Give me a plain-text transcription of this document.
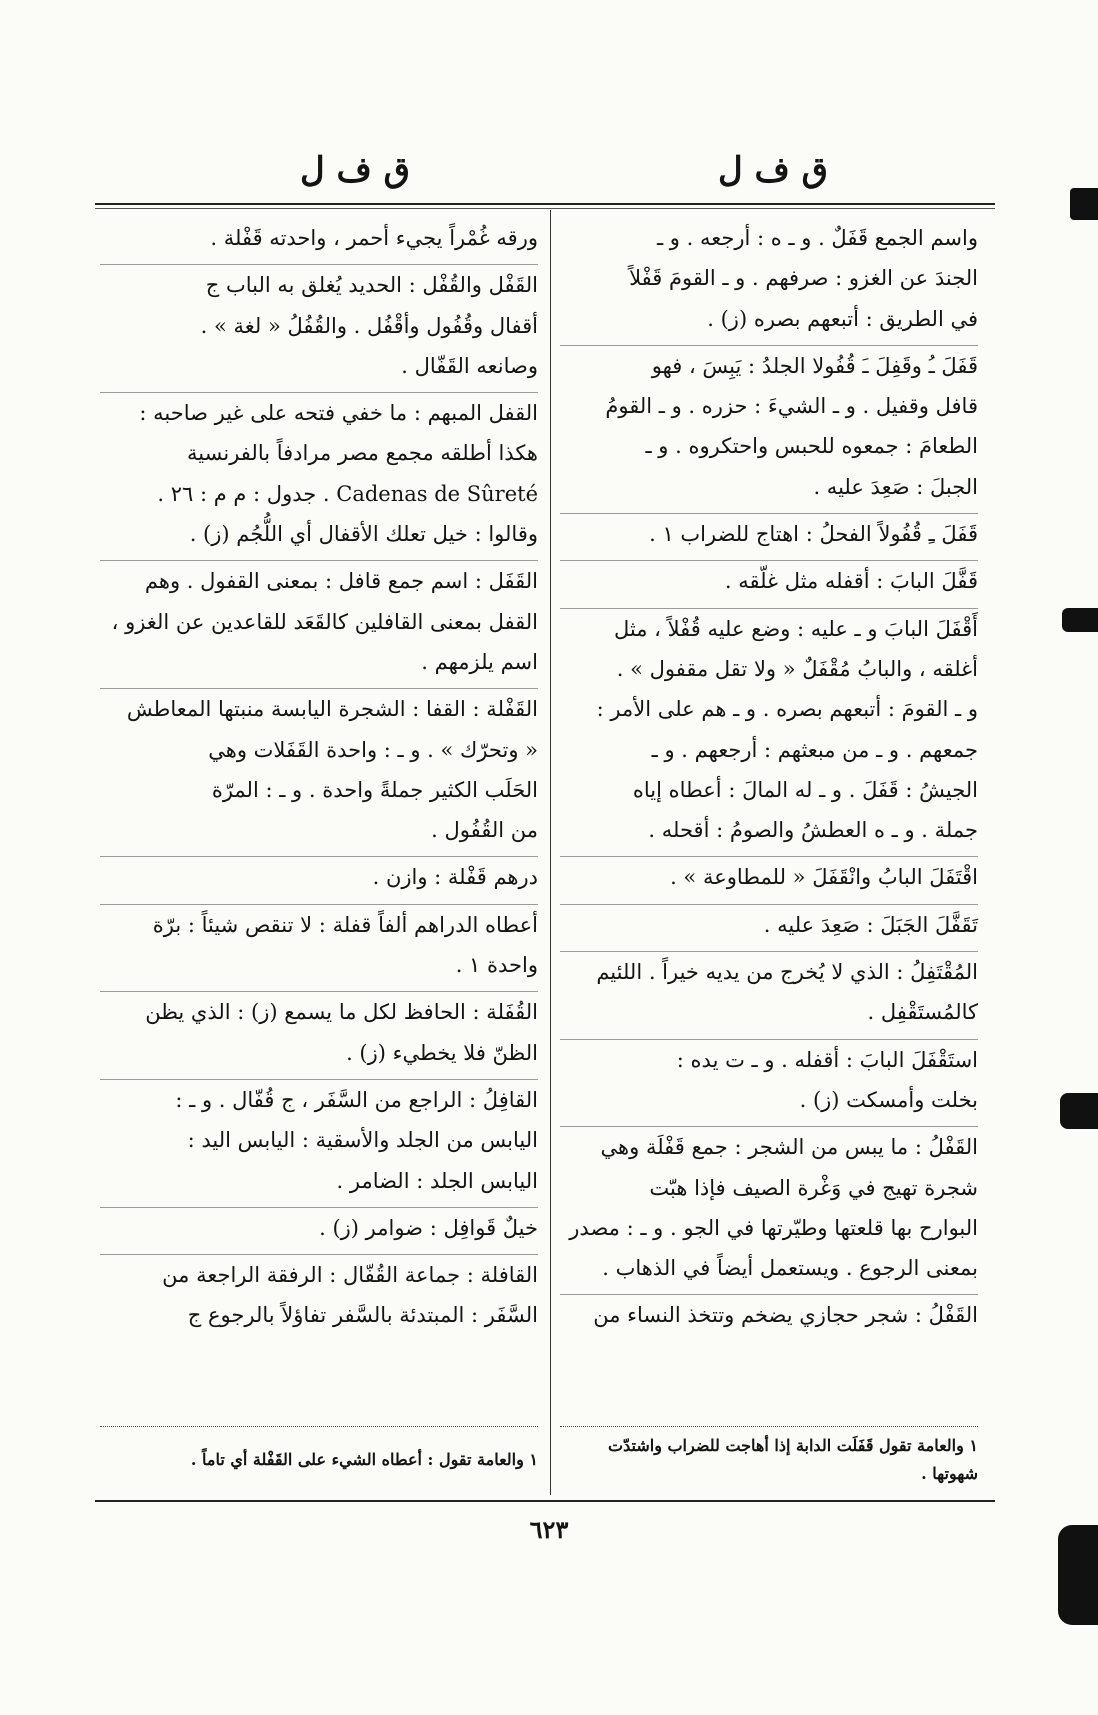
ق ف ل
ق ف ل

واسم الجمع قَفَلٌ . و ـ ه : أرجعه . و ـ

الجندَ عن الغزو : صرفهم . و ـ القومَ قَفْلاً

في الطريق : أتبعهم بصره (ز) .

قَفَلَ ـُ وقَفِلَ ـَ قُفُولا الجلدُ : يَبِسَ ، فهو

قافل وقفيل . و ـ الشيءَ : حزره . و ـ القومُ

الطعامَ : جمعوه للحبس واحتكروه . و ـ

الجبلَ : صَعِدَ عليه .

قَفَلَ ـِ قُفُولاً الفحلُ : اهتاج للضراب ١ .

قَفَّلَ البابَ : أقفله مثل غلّقه .

أَقْفَلَ البابَ و ـ عليه : وضع عليه قُفْلاً ، مثل

أغلقه ، والبابُ مُقْفَلٌ « ولا تقل مقفول » .

و ـ القومَ : أتبعهم بصره . و ـ هم على الأمر :

جمعهم . و ـ من مبعثهم : أرجعهم . و ـ

الجيشُ : قَفَلَ . و ـ له المالَ : أعطاه إياه

جملة . و ـ ه العطشُ والصومُ : أقحله .

اقْتَفَلَ البابُ وانْقَفَلَ « للمطاوعة » .

تَقَفَّلَ الجَبَلَ : صَعِدَ عليه .

المُقْتَفِلُ : الذي لا يُخرج من يديه خيراً . اللئيم

كالمُستَقْفِل .

استَقْفَلَ البابَ : أقفله . و ـ ت يده :

بخلت وأمسكت (ز) .

القَفْلُ : ما يبس من الشجر : جمع قَفْلَة وهي

شجرة تهيج في وَغْرة الصيف فإذا هبّت

البوارح بها قلعتها وطيّرتها في الجو . و ـ : مصدر

بمعنى الرجوع . ويستعمل أيضاً في الذهاب .

القَفْلُ : شجر حجازي يضخم وتتخذ النساء من

ورقه غُمْراً يجيء أحمر ، واحدته قَفْلة .

القَفْل والقُفْل : الحديد يُغلق به الباب ج

أقفال وقُفُول وأقْفُل . والقُفُلُ « لغة » .

وصانعه القَفّال .

القفل المبهم : ما خفي فتحه على غير صاحبه :

هكذا أطلقه مجمع مصر مرادفاً بالفرنسية

Cadenas de Sûreté . جدول : م م : ٢٦ .

وقالوا : خيل تعلك الأقفال أي اللُّجُم (ز) .

القَفَل : اسم جمع قافل : بمعنى القفول . وهم

القفل بمعنى القافلين كالقَعَد للقاعدين عن الغزو ،

اسم يلزمهم .

القَفْلة : القفا : الشجرة اليابسة منبتها المعاطش

« وتحرّك » . و ـ : واحدة القَفَلات وهي

الحَلَب الكثير جملةً واحدة . و ـ : المرّة

من القُفُول .

درهم قَفْلة : وازن .

أعطاه الدراهم ألفاً قفلة : لا تنقص شيئاً : برّة

واحدة ١ .

القُفَلة : الحافظ لكل ما يسمع (ز) : الذي يظن

الظنّ فلا يخطيء (ز) .

القافِلُ : الراجع من السَّفَر ، ج قُفّال . و ـ :

اليابس من الجلد والأسقية : اليابس اليد :

اليابس الجلد : الضامر .

خيلٌ قَوافِل : ضوامر (ز) .

القافلة : جماعة القُفّال : الرفقة الراجعة من

السَّفَر : المبتدئة بالسَّفر تفاؤلاً بالرجوع ج

١ والعامة تقول قَفَلَت الدابة إذا أهاجت للضراب واشتدّت شهوتها .
١ والعامة تقول : أعطاه الشيء على القَفْلة أي تاماً .
٦٢٣
